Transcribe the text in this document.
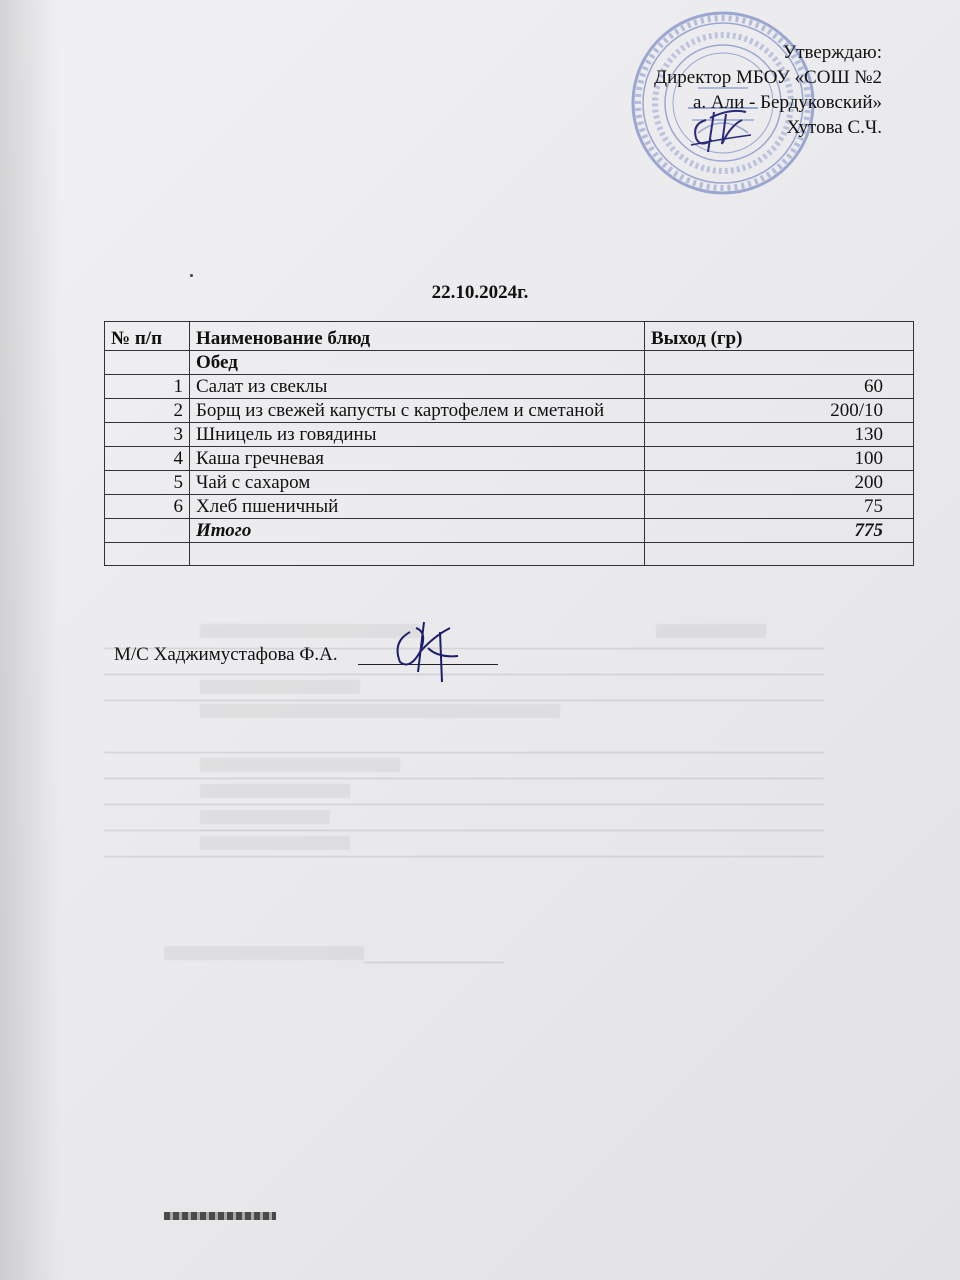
Утверждаю:
Директор МБОУ «СОШ №2
а. Али - Бердуковский»
Хутова С.Ч.
22.10.2024г.
№ п/п	Наименование блюд	Выход (гр)
	Обед	
1	Салат из свеклы	60
2	Борщ из свежей капусты с картофелем и сметаной	200/10
3	Шницель из говядины	130
4	Каша гречневая	100
5	Чай с сахаром	200
6	Хлеб пшеничный	75
	Итого	775

М/С Хаджимустафова Ф.А.
